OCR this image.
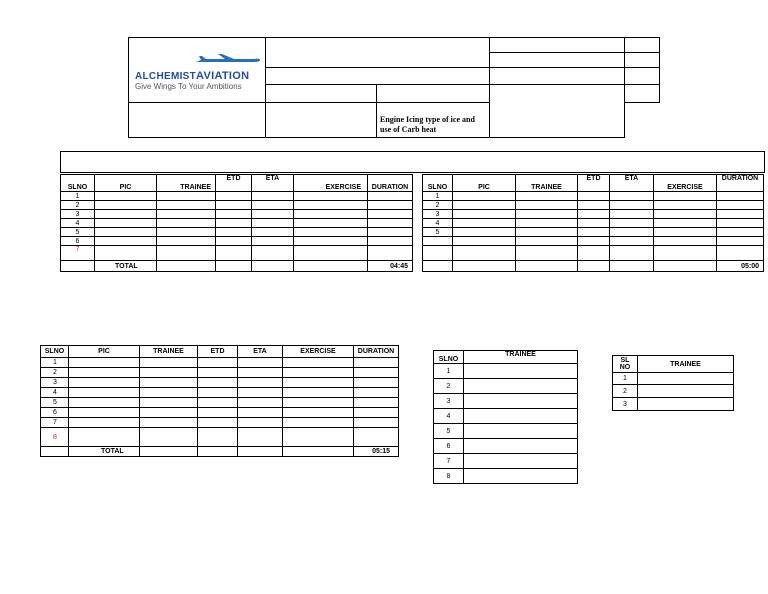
ALCHEMISTAVIATION
Give Wings To Your Ambitions				

		Engine Icing type of ice and use of Carb heat		
SLNO	PIC	TRAINEE	ETD	ETA	EXERCISE	DURATION
1						
2						
3						
4						
5						
6						
7						
	TOTAL					04:45
SLNO	PIC	TRAINEE	ETD	ETA	EXERCISE	DURATION
1						
2						
3						
4						
5						

						05:00
SLNO	PIC	TRAINEE	ETD	ETA	EXERCISE	DURATION
1						
2						
3						
4						
5						
6						
7						
8						
	TOTAL					05:15
SLNO	TRAINEE
1	
2	
3	
4	
5	
6	
7	
8	
SL
NO	TRAINEE
1	
2	
3	
